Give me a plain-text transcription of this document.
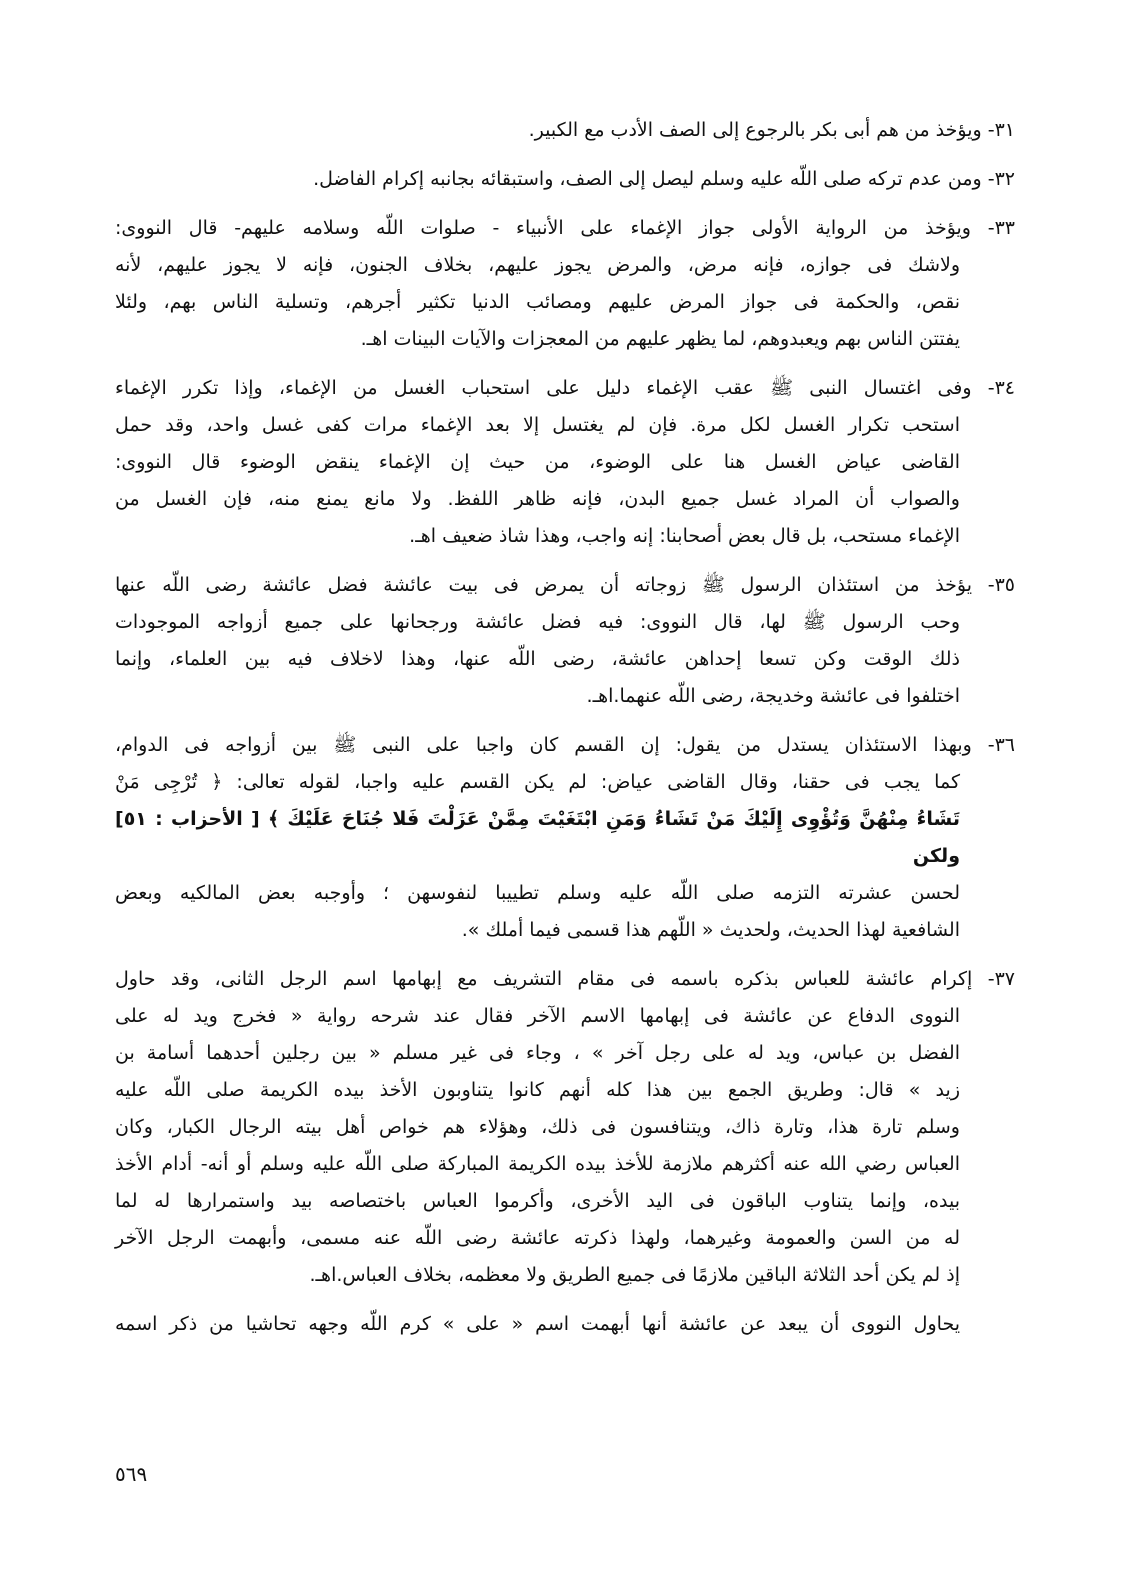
٣١- ويؤخذ من هم أبى بكر بالرجوع إلى الصف الأدب مع الكبير.
٣٢- ومن عدم تركه صلى اللّه عليه وسلم ليصل إلى الصف، واستبقائه بجانبه إكرام الفاضل.
٣٣- ويؤخذ من الرواية الأولى جواز الإغماء على الأنبياء - صلوات اللّه وسلامه عليهم- قال النووى:
ولاشك فى جوازه، فإنه مرض، والمرض يجوز عليهم، بخلاف الجنون، فإنه لا يجوز عليهم، لأنه
نقص، والحكمة فى جواز المرض عليهم ومصائب الدنيا تكثير أجرهم، وتسلية الناس بهم، ولئلا
يفتتن الناس بهم ويعبدوهم، لما يظهر عليهم من المعجزات والآيات البينات اهـ.
٣٤- وفى اغتسال النبى ﷺ عقب الإغماء دليل على استحباب الغسل من الإغماء، وإذا تكرر الإغماء
استحب تكرار الغسل لكل مرة. فإن لم يغتسل إلا بعد الإغماء مرات كفى غسل واحد، وقد حمل
القاضى عياض الغسل هنا على الوضوء، من حيث إن الإغماء ينقض الوضوء قال النووى:
والصواب أن المراد غسل جميع البدن، فإنه ظاهر اللفظ. ولا مانع يمنع منه، فإن الغسل من
الإغماء مستحب، بل قال بعض أصحابنا: إنه واجب، وهذا شاذ ضعيف اهـ.
٣٥- يؤخذ من استئذان الرسول ﷺ زوجاته أن يمرض فى بيت عائشة فضل عائشة رضى اللّه عنها
وحب الرسول ﷺ لها، قال النووى: فيه فضل عائشة ورجحانها على جميع أزواجه الموجودات
ذلك الوقت وكن تسعا إحداهن عائشة، رضى اللّه عنها، وهذا لاخلاف فيه بين العلماء، وإنما
اختلفوا فى عائشة وخديجة، رضى اللّه عنهما.اهـ.
٣٦- وبهذا الاستئذان يستدل من يقول: إن القسم كان واجبا على النبى ﷺ بين أزواجه فى الدوام،
كما يجب فى حقنا، وقال القاضى عياض: لم يكن القسم عليه واجبا، لقوله تعالى: ﴿ تُرْجِى مَنْ
تَشَاءُ مِنْهُنَّ وَتُؤْوِى إِلَيْكَ مَنْ تَشَاءُ وَمَنِ ابْتَغَيْتَ مِمَّنْ عَزَلْتَ فَلا جُنَاحَ عَلَيْكَ ﴾ [ الأحزاب : ٥١] ولكن
لحسن عشرته التزمه صلى اللّه عليه وسلم تطييبا لنفوسهن ؛ وأوجبه بعض المالكيه وبعض
الشافعية لهذا الحديث، ولحديث « اللّهم هذا قسمى فيما أملك ».
٣٧- إكرام عائشة للعباس بذكره باسمه فى مقام التشريف مع إبهامها اسم الرجل الثانى، وقد حاول
النووى الدفاع عن عائشة فى إبهامها الاسم الآخر فقال عند شرحه رواية « فخرج ويد له على
الفضل بن عباس، ويد له على رجل آخر » ، وجاء فى غير مسلم « بين رجلين أحدهما أسامة بن
زيد » قال: وطريق الجمع بين هذا كله أنهم كانوا يتناوبون الأخذ بيده الكريمة صلى اللّه عليه
وسلم تارة هذا، وتارة ذاك، ويتنافسون فى ذلك، وهؤلاء هم خواص أهل بيته الرجال الكبار، وكان
العباس رضي الله عنه أكثرهم ملازمة للأخذ بيده الكريمة المباركة صلى اللّه عليه وسلم أو أنه- أدام الأخذ
بيده، وإنما يتناوب الباقون فى اليد الأخرى، وأكرموا العباس باختصاصه بيد واستمرارها له لما
له من السن والعمومة وغيرهما، ولهذا ذكرته عائشة رضى اللّه عنه مسمى، وأبهمت الرجل الآخر
إذ لم يكن أحد الثلاثة الباقين ملازمًا فى جميع الطريق ولا معظمه، بخلاف العباس.اهـ.
يحاول النووى أن يبعد عن عائشة أنها أبهمت اسم « على » كرم اللّه وجهه تحاشيا من ذكر اسمه
٥٦٩
